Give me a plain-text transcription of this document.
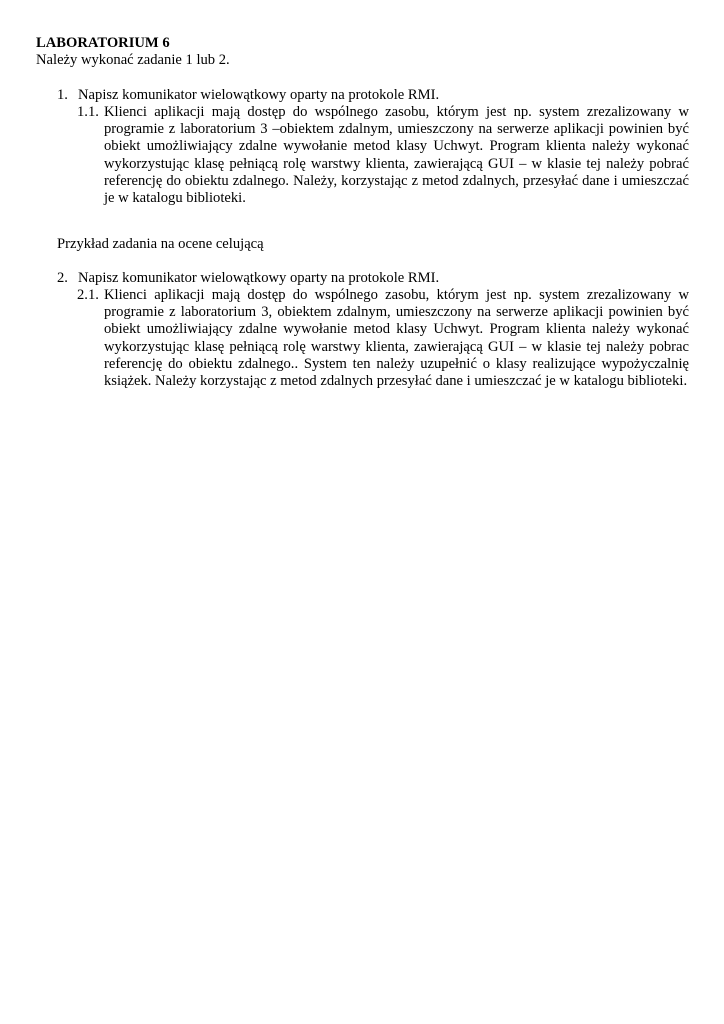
LABORATORIUM 6
Należy wykonać zadanie 1 lub 2.
1. Napisz komunikator wielowątkowy oparty na protokole RMI.
1.1. Klienci aplikacji mają dostęp do wspólnego zasobu, którym jest np. system zrezalizowany w programie z laboratorium 3 –obiektem zdalnym, umieszczony na serwerze aplikacji powinien być obiekt umożliwiający zdalne wywołanie metod klasy Uchwyt. Program klienta należy wykonać wykorzystując klasę pełniącą rolę warstwy klienta, zawierającą GUI – w klasie tej należy pobrać referencję do obiektu zdalnego. Należy, korzystając z metod zdalnych, przesyłać dane i umieszczać je w katalogu biblioteki.
Przykład zadania na ocene celującą
2. Napisz komunikator wielowątkowy oparty na protokole RMI.
2.1. Klienci aplikacji mają dostęp do wspólnego zasobu, którym jest np. system zrezalizowany w programie z laboratorium 3, obiektem zdalnym, umieszczony na serwerze aplikacji powinien być obiekt umożliwiający zdalne wywołanie metod klasy Uchwyt. Program klienta należy wykonać wykorzystując klasę pełniącą rolę warstwy klienta, zawierającą GUI – w klasie tej należy pobrac referencję do obiektu zdalnego.. System ten należy uzupełnić o klasy realizujące wypożyczalnię książek. Należy korzystając z metod zdalnych przesyłać dane i umieszczać je w katalogu biblioteki.
